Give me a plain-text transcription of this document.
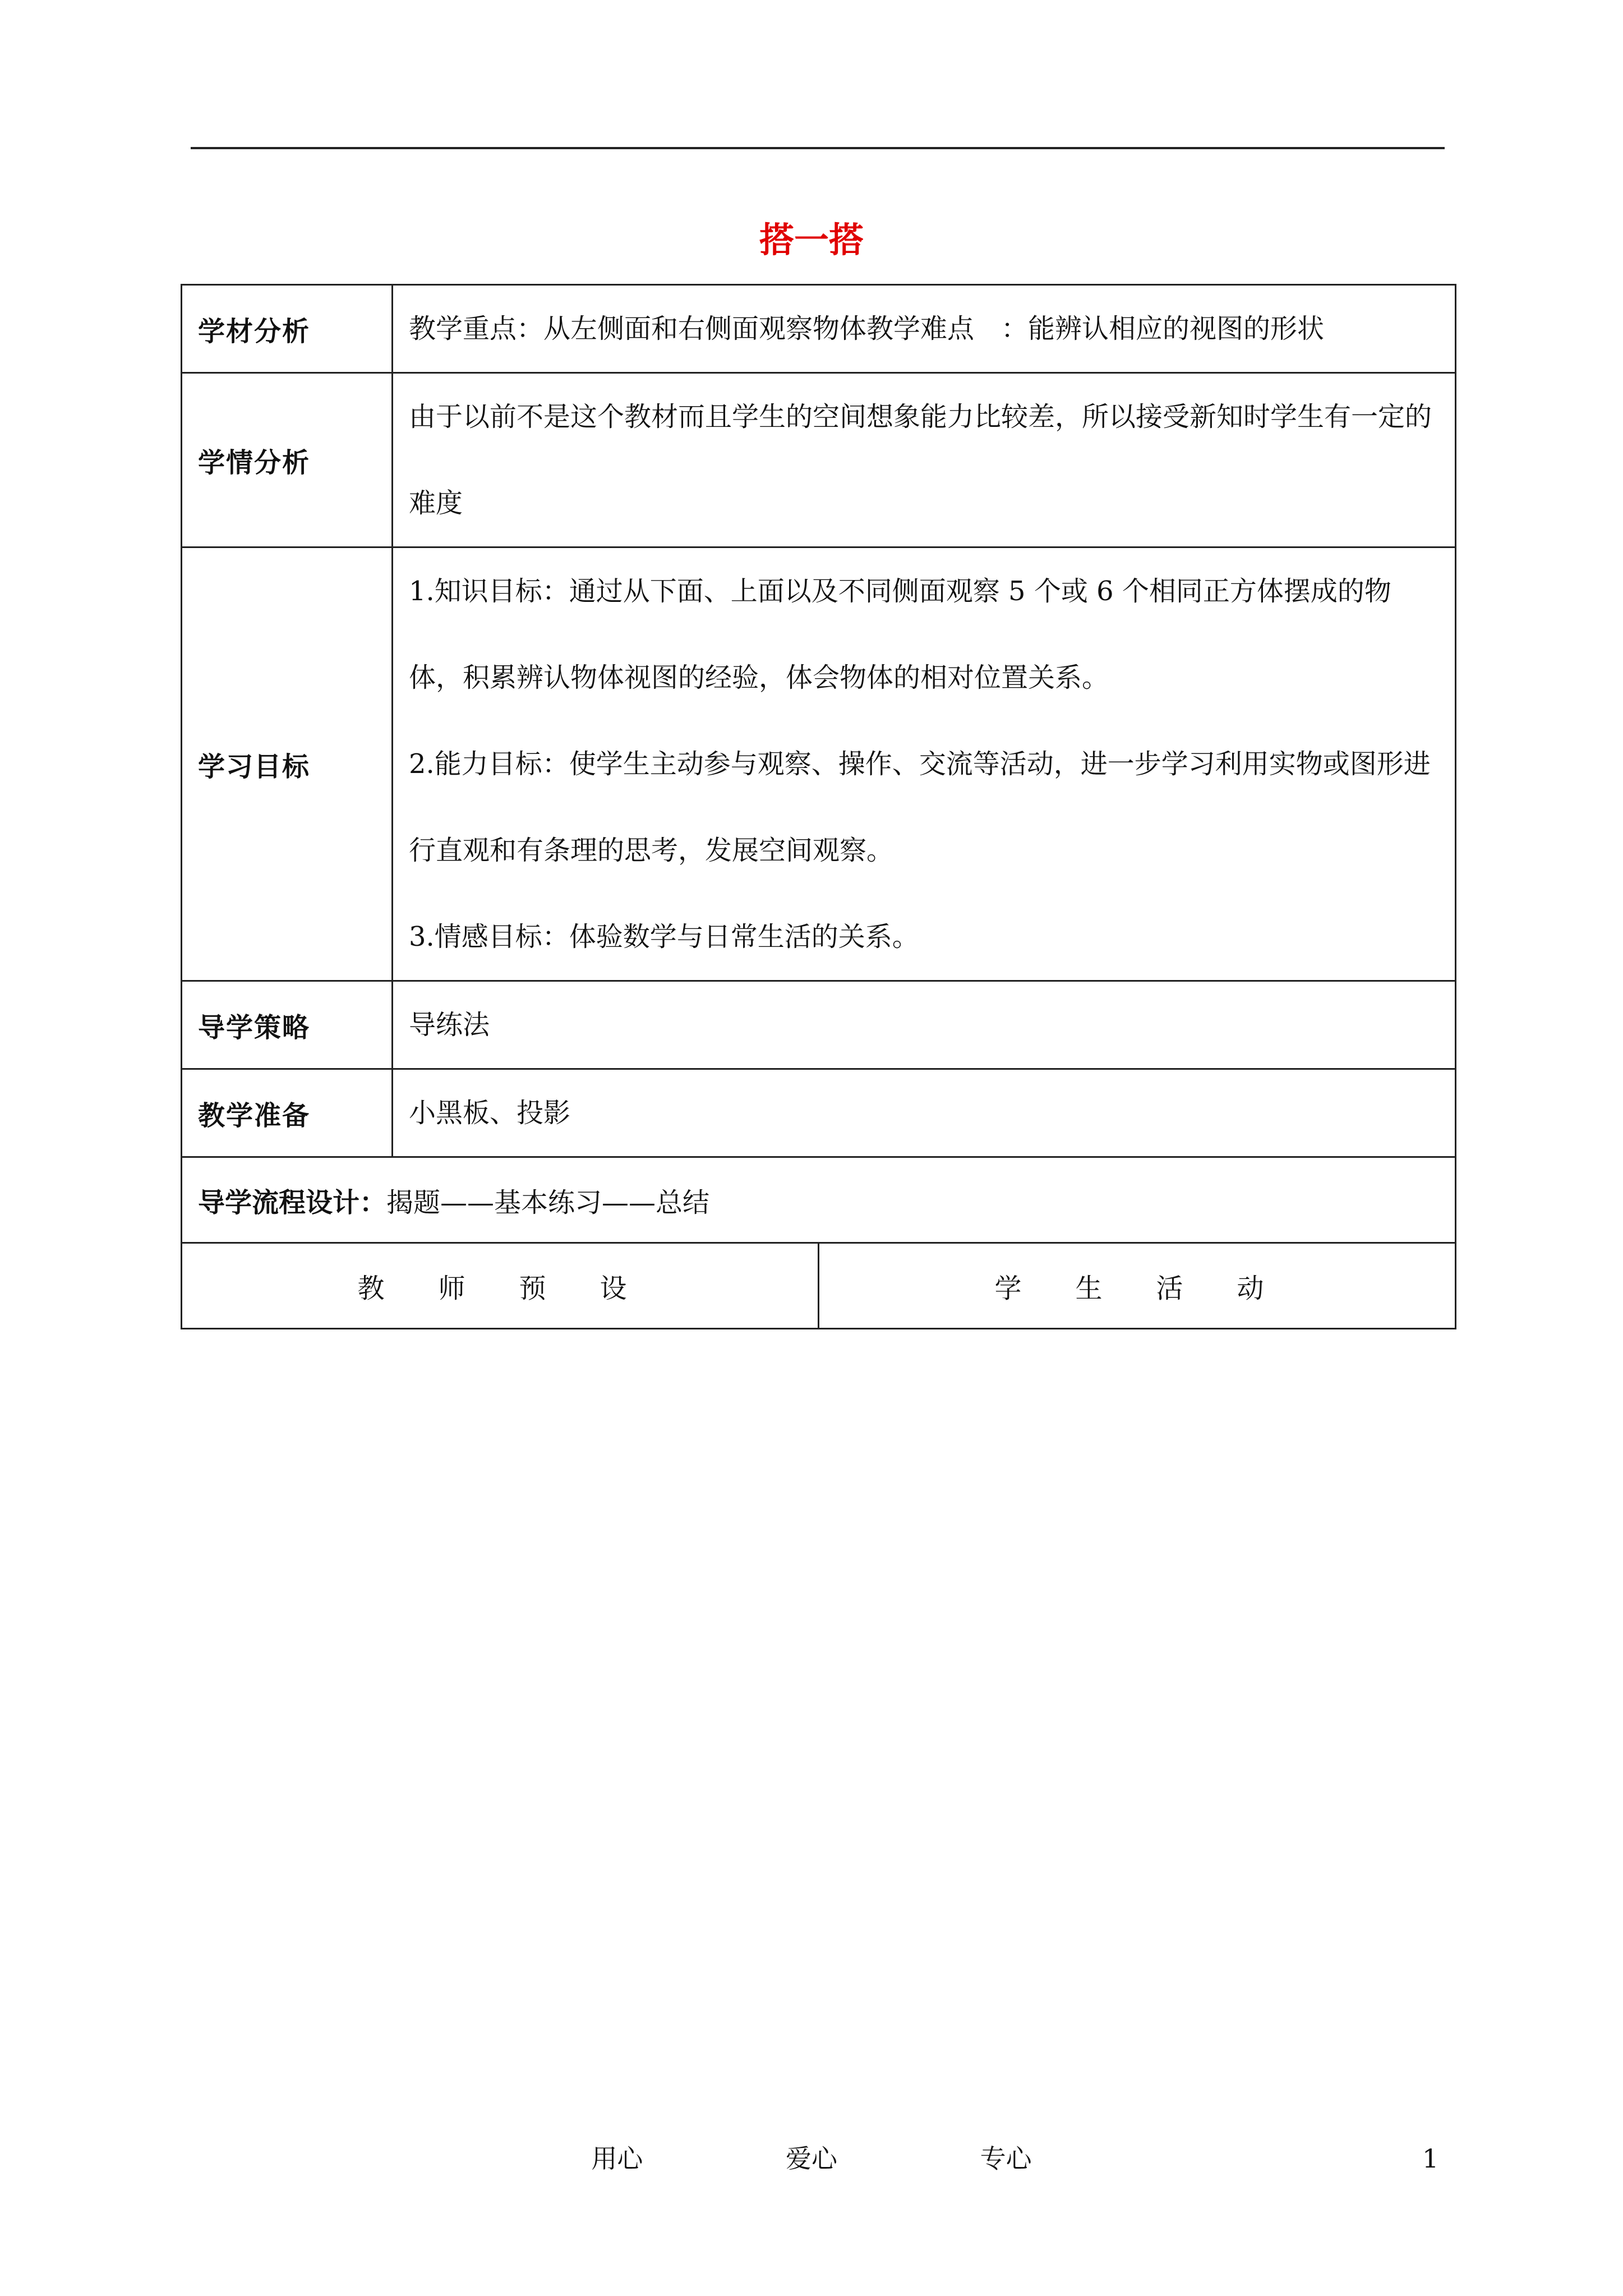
搭一搭
学材分析	教学重点：从左侧面和右侧面观察物体教学难点　：能辨认相应的视图的形状	
学情分析	由于以前不是这个教材而且学生的空间想象能力比较差，所以接受新知时学生有一定的难度	
学习目标	1.知识目标：通过从下面、上面以及不同侧面观察 5 个或 6 个相同正方体摆成的物体，积累辨认物体视图的经验，体会物体的相对位置关系。

2.能力目标：使学生主动参与观察、操作、交流等活动，进一步学习利用实物或图形进行直观和有条理的思考，发展空间观察。

3.情感目标：体验数学与日常生活的关系。	

导学策略	导练法	
教学准备	小黑板、投影	
导学流程设计：揭题——基本练习——总结		
教师预设		学生活动
用心	爱心	专心	1
